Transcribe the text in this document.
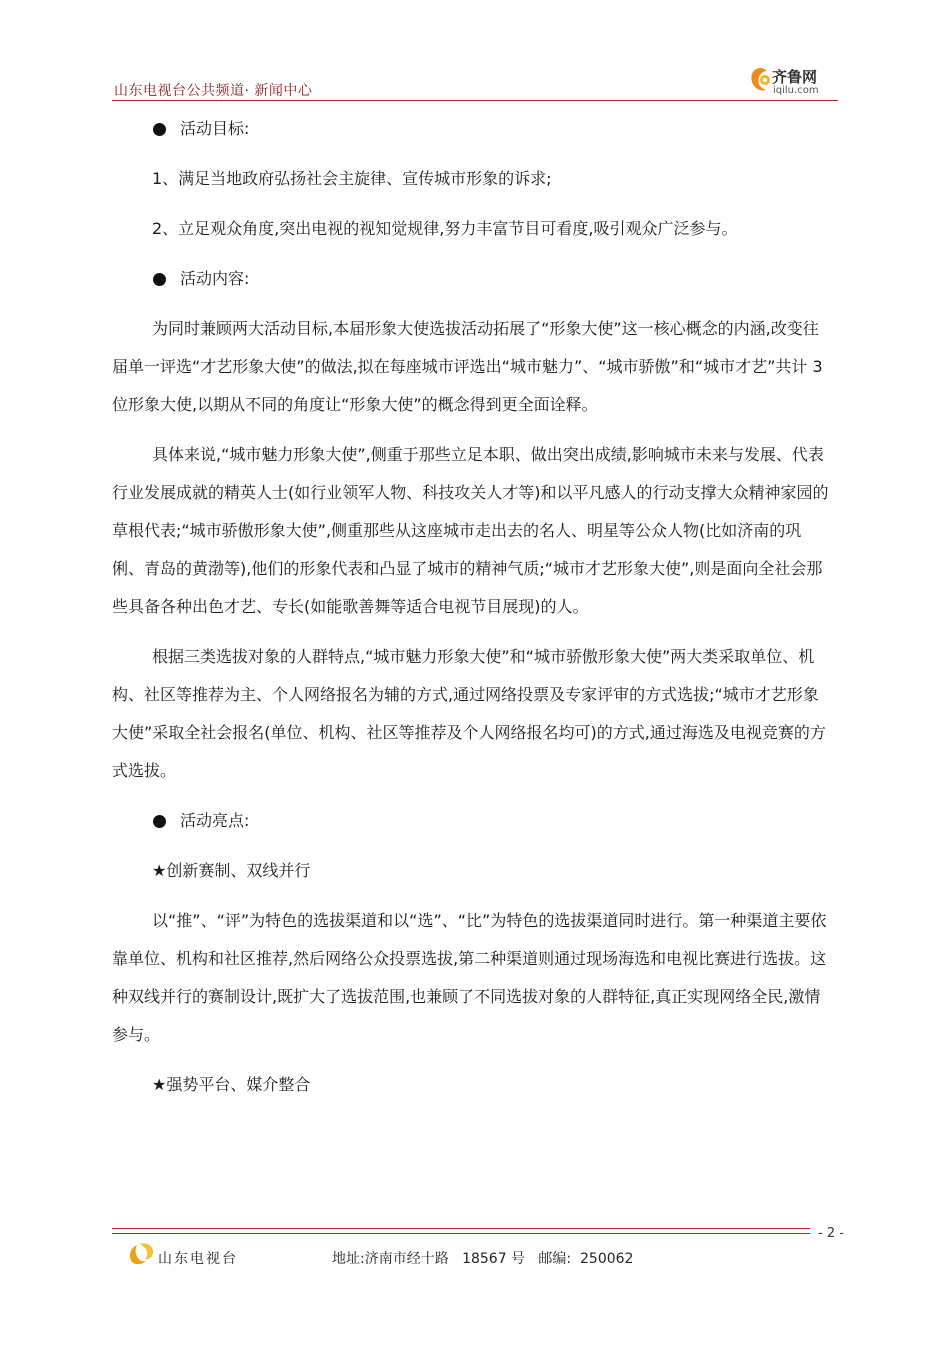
山东电视台公共频道· 新闻中心
齐鲁网
iqilu.com
活动目标:

1、满足当地政府弘扬社会主旋律、宣传城市形象的诉求;

2、立足观众角度,突出电视的视知觉规律,努力丰富节目可看度,吸引观众广泛参与。

活动内容:

为同时兼顾两大活动目标,本届形象大使选拔活动拓展了“形象大使”这一核心概念的内涵,改变往届单一评选“才艺形象大使”的做法,拟在每座城市评选出“城市魅力”、“城市骄傲”和“城市才艺”共计 3 位形象大使,以期从不同的角度让“形象大使”的概念得到更全面诠释。

具体来说,“城市魅力形象大使”,侧重于那些立足本职、做出突出成绩,影响城市未来与发展、代表行业发展成就的精英人士(如行业领军人物、科技攻关人才等)和以平凡感人的行动支撑大众精神家园的草根代表;“城市骄傲形象大使”,侧重那些从这座城市走出去的名人、明星等公众人物(比如济南的巩俐、青岛的黄渤等),他们的形象代表和凸显了城市的精神气质;“城市才艺形象大使”,则是面向全社会那些具备各种出色才艺、专长(如能歌善舞等适合电视节目展现)的人。

根据三类选拔对象的人群特点,“城市魅力形象大使”和“城市骄傲形象大使”两大类采取单位、机构、社区等推荐为主、个人网络报名为辅的方式,通过网络投票及专家评审的方式选拔;“城市才艺形象大使”采取全社会报名(单位、机构、社区等推荐及个人网络报名均可)的方式,通过海选及电视竞赛的方式选拔。

活动亮点:
★创新赛制、双线并行

以“推”、“评”为特色的选拔渠道和以“选”、“比”为特色的选拔渠道同时进行。第一种渠道主要依靠单位、机构和社区推荐,然后网络公众投票选拔,第二种渠道则通过现场海选和电视比赛进行选拔。这种双线并行的赛制设计,既扩大了选拔范围,也兼顾了不同选拔对象的人群特征,真正实现网络全民,激情参与。

★强势平台、媒介整合
- 2 -
山东电视台	地址:济南市经十路   18567 号   邮编:  250062
